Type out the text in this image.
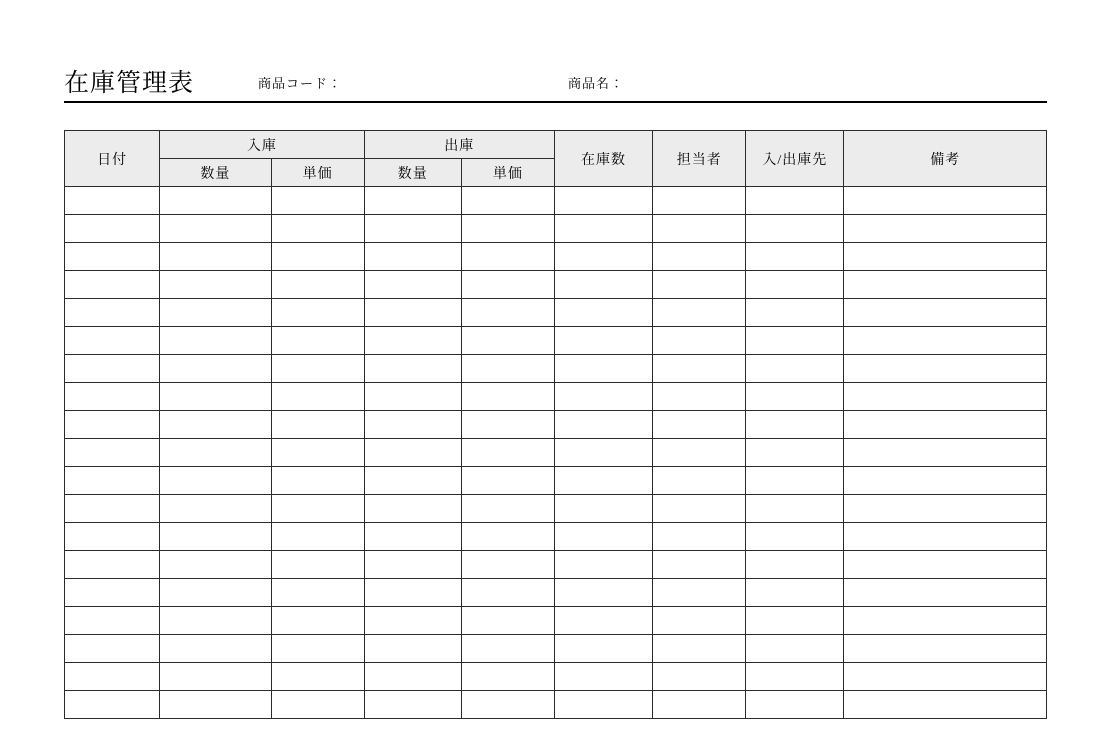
在庫管理表	商品コード：	商品名：
日付	入庫		出庫		在庫数	担当者	入/出庫先	備考
	数量	単価	数量	単価				
